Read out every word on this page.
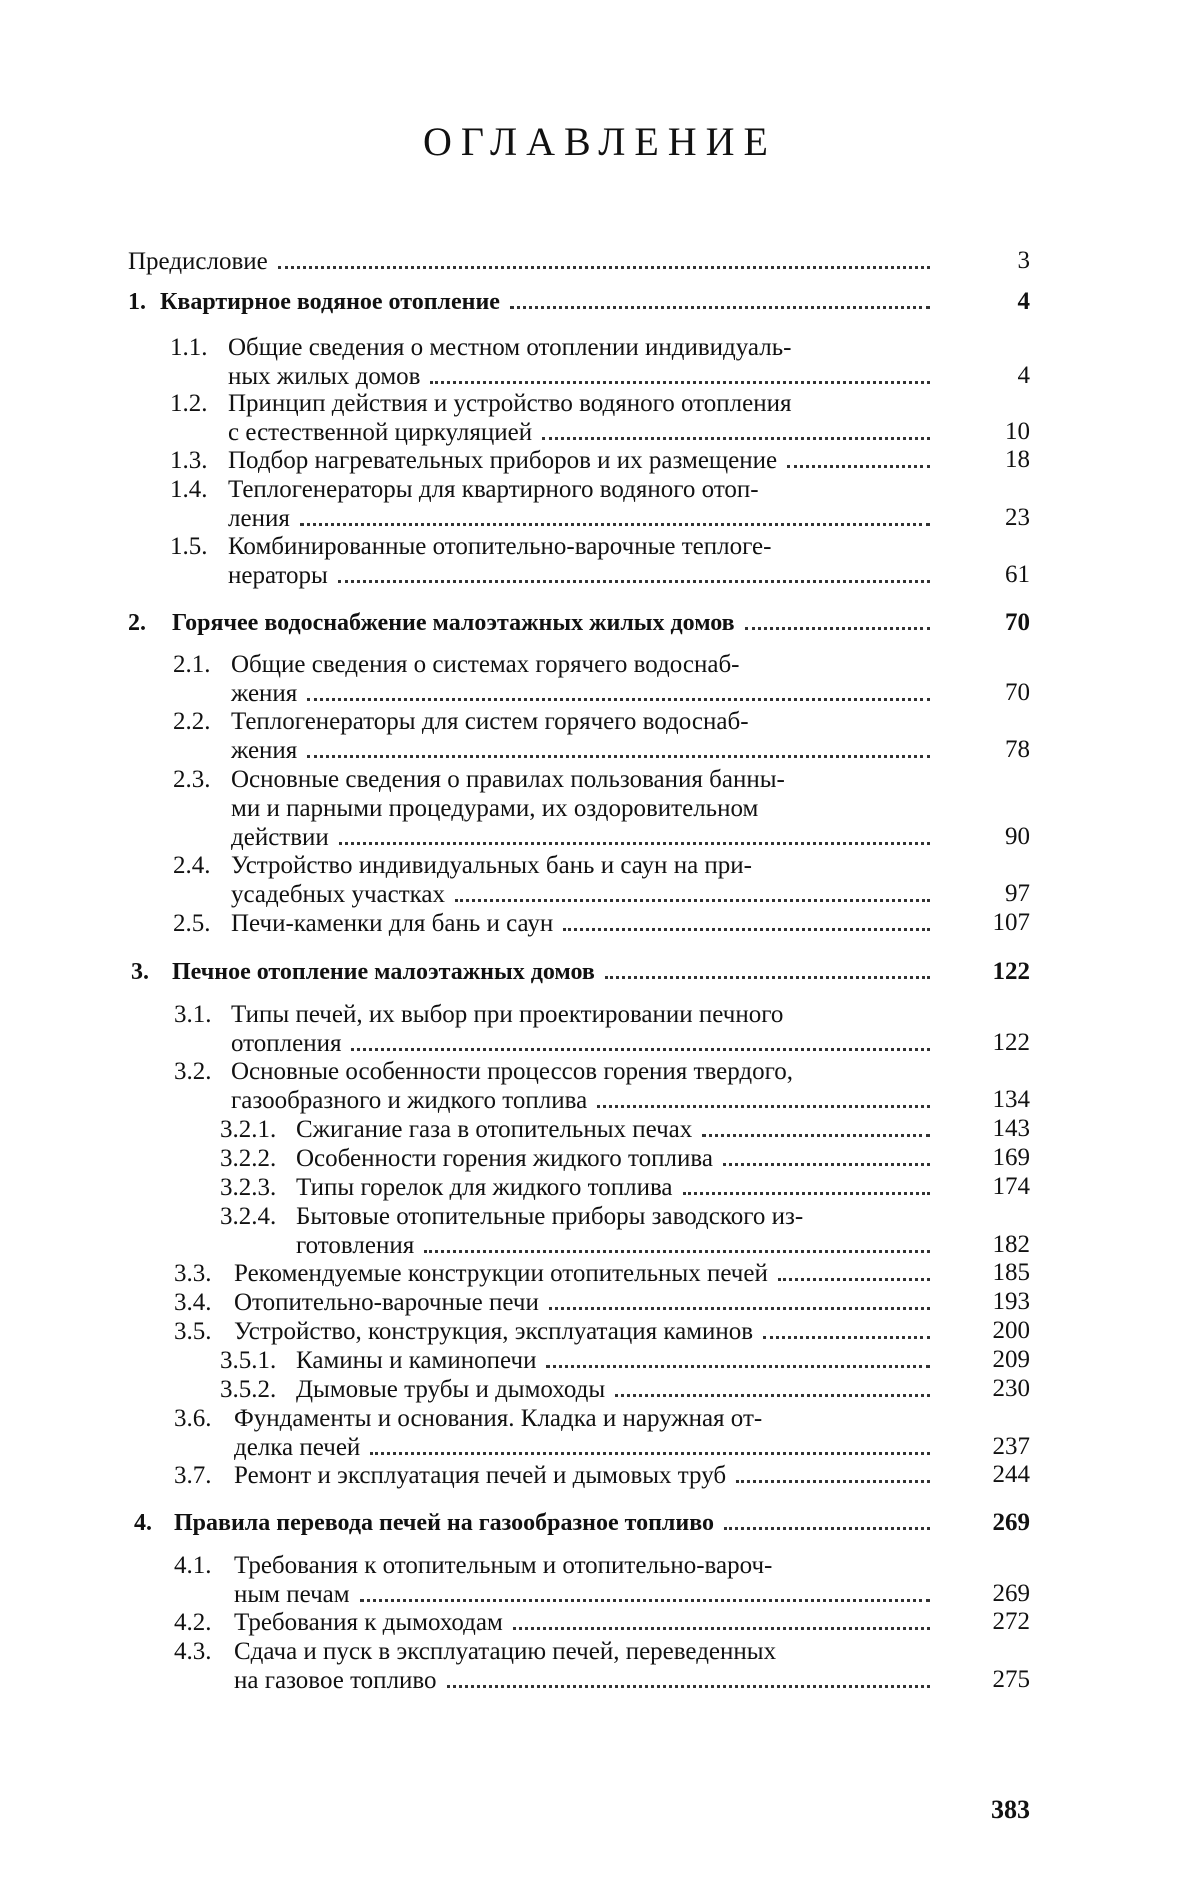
ОГЛАВЛЕНИЕ
Предисловие	3
1. Квартирное водяное отопление	4
1.1. Общие сведения о местном отоплении индивидуаль-
ных жилых домов	4
1.2. Принцип действия и устройство водяного отопления
с естественной циркуляцией	10
1.3. Подбор нагревательных приборов и их размещение	18
1.4. Теплогенераторы для квартирного водяного отоп-
ления	23
1.5. Комбинированные отопительно-варочные теплоге-
нераторы	61
2. Горячее водоснабжение малоэтажных жилых домов	70
2.1. Общие сведения о системах горячего водоснаб-
жения	70
2.2. Теплогенераторы для систем горячего водоснаб-
жения	78
2.3. Основные сведения о правилах пользования банны-
ми и парными процедурами, их оздоровительном
действии	90
2.4. Устройство индивидуальных бань и саун на при-
усадебных участках	97
2.5. Печи-каменки для бань и саун	107
3. Печное отопление малоэтажных домов	122
3.1. Типы печей, их выбор при проектировании печного
отопления	122
3.2. Основные особенности процессов горения твердого,
газообразного и жидкого топлива	134
3.2.1. Сжигание газа в отопительных печах	143
3.2.2. Особенности горения жидкого топлива	169
3.2.3. Типы горелок для жидкого топлива	174
3.2.4. Бытовые отопительные приборы заводского из-
готовления	182
3.3. Рекомендуемые конструкции отопительных печей	185
3.4. Отопительно-варочные печи	193
3.5. Устройство, конструкция, эксплуатация каминов	200
3.5.1. Камины и каминопечи	209
3.5.2. Дымовые трубы и дымоходы	230
3.6. Фундаменты и основания. Кладка и наружная от-
делка печей	237
3.7. Ремонт и эксплуатация печей и дымовых труб	244
4. Правила перевода печей на газообразное топливо	269
4.1. Требования к отопительным и отопительно-вароч-
ным печам	269
4.2. Требования к дымоходам	272
4.3. Сдача и пуск в эксплуатацию печей, переведенных
на газовое топливо	275
383
